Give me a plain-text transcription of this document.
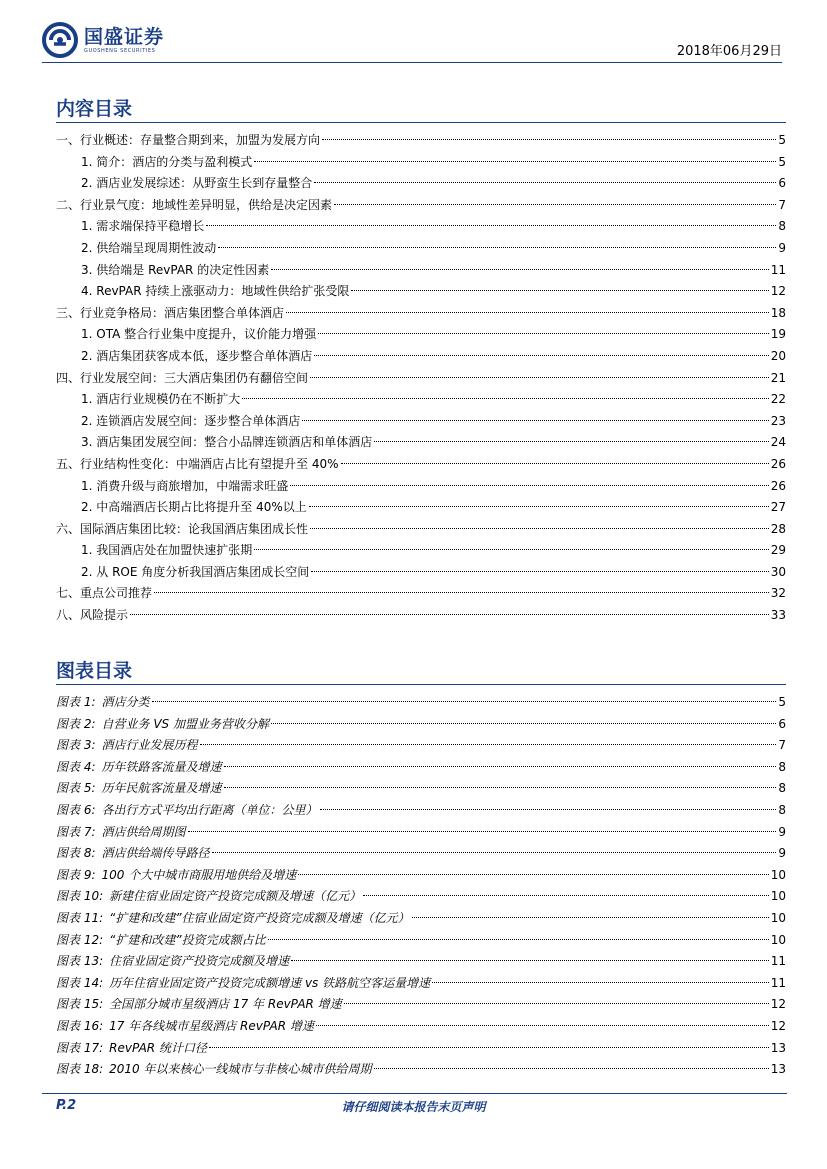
国盛证券
GUOSHENG SECURITIES	2018年06月29日
内容目录
一、行业概述：存量整合期到来，加盟为发展方向	5
1. 简介：酒店的分类与盈利模式	5
2. 酒店业发展综述：从野蛮生长到存量整合	6
二、行业景气度：地域性差异明显，供给是决定因素	7
1. 需求端保持平稳增长	8
2. 供给端呈现周期性波动	9
3. 供给端是 RevPAR 的决定性因素	11
4. RevPAR 持续上涨驱动力：地域性供给扩张受限	12
三、行业竞争格局：酒店集团整合单体酒店	18
1. OTA 整合行业集中度提升，议价能力增强	19
2. 酒店集团获客成本低，逐步整合单体酒店	20
四、行业发展空间：三大酒店集团仍有翻倍空间	21
1. 酒店行业规模仍在不断扩大	22
2. 连锁酒店发展空间：逐步整合单体酒店	23
3. 酒店集团发展空间：整合小品牌连锁酒店和单体酒店	24
五、行业结构性变化：中端酒店占比有望提升至 40%	26
1. 消费升级与商旅增加，中端需求旺盛	26
2. 中高端酒店长期占比将提升至 40%以上	27
六、国际酒店集团比较：论我国酒店集团成长性	28
1. 我国酒店处在加盟快速扩张期	29
2. 从 ROE 角度分析我国酒店集团成长空间	30
七、重点公司推荐	32
八、风险提示	33
图表目录
图表 1: 酒店分类	5
图表 2: 自营业务 VS 加盟业务营收分解	6
图表 3: 酒店行业发展历程	7
图表 4: 历年铁路客流量及增速	8
图表 5: 历年民航客流量及增速	8
图表 6: 各出行方式平均出行距离（单位：公里）	8
图表 7: 酒店供给周期图	9
图表 8: 酒店供给端传导路径	9
图表 9: 100 个大中城市商服用地供给及增速	10
图表 10: 新建住宿业固定资产投资完成额及增速（亿元）	10
图表 11: “扩建和改建”住宿业固定资产投资完成额及增速（亿元）	10
图表 12: “扩建和改建”投资完成额占比	10
图表 13: 住宿业固定资产投资完成额及增速	11
图表 14: 历年住宿业固定资产投资完成额增速 vs 铁路航空客运量增速	11
图表 15: 全国部分城市星级酒店 17 年 RevPAR 增速	12
图表 16: 17 年各线城市星级酒店 RevPAR 增速	12
图表 17: RevPAR 统计口径	13
图表 18: 2010 年以来核心一线城市与非核心城市供给周期	13
P.2	请仔细阅读本报告末页声明
